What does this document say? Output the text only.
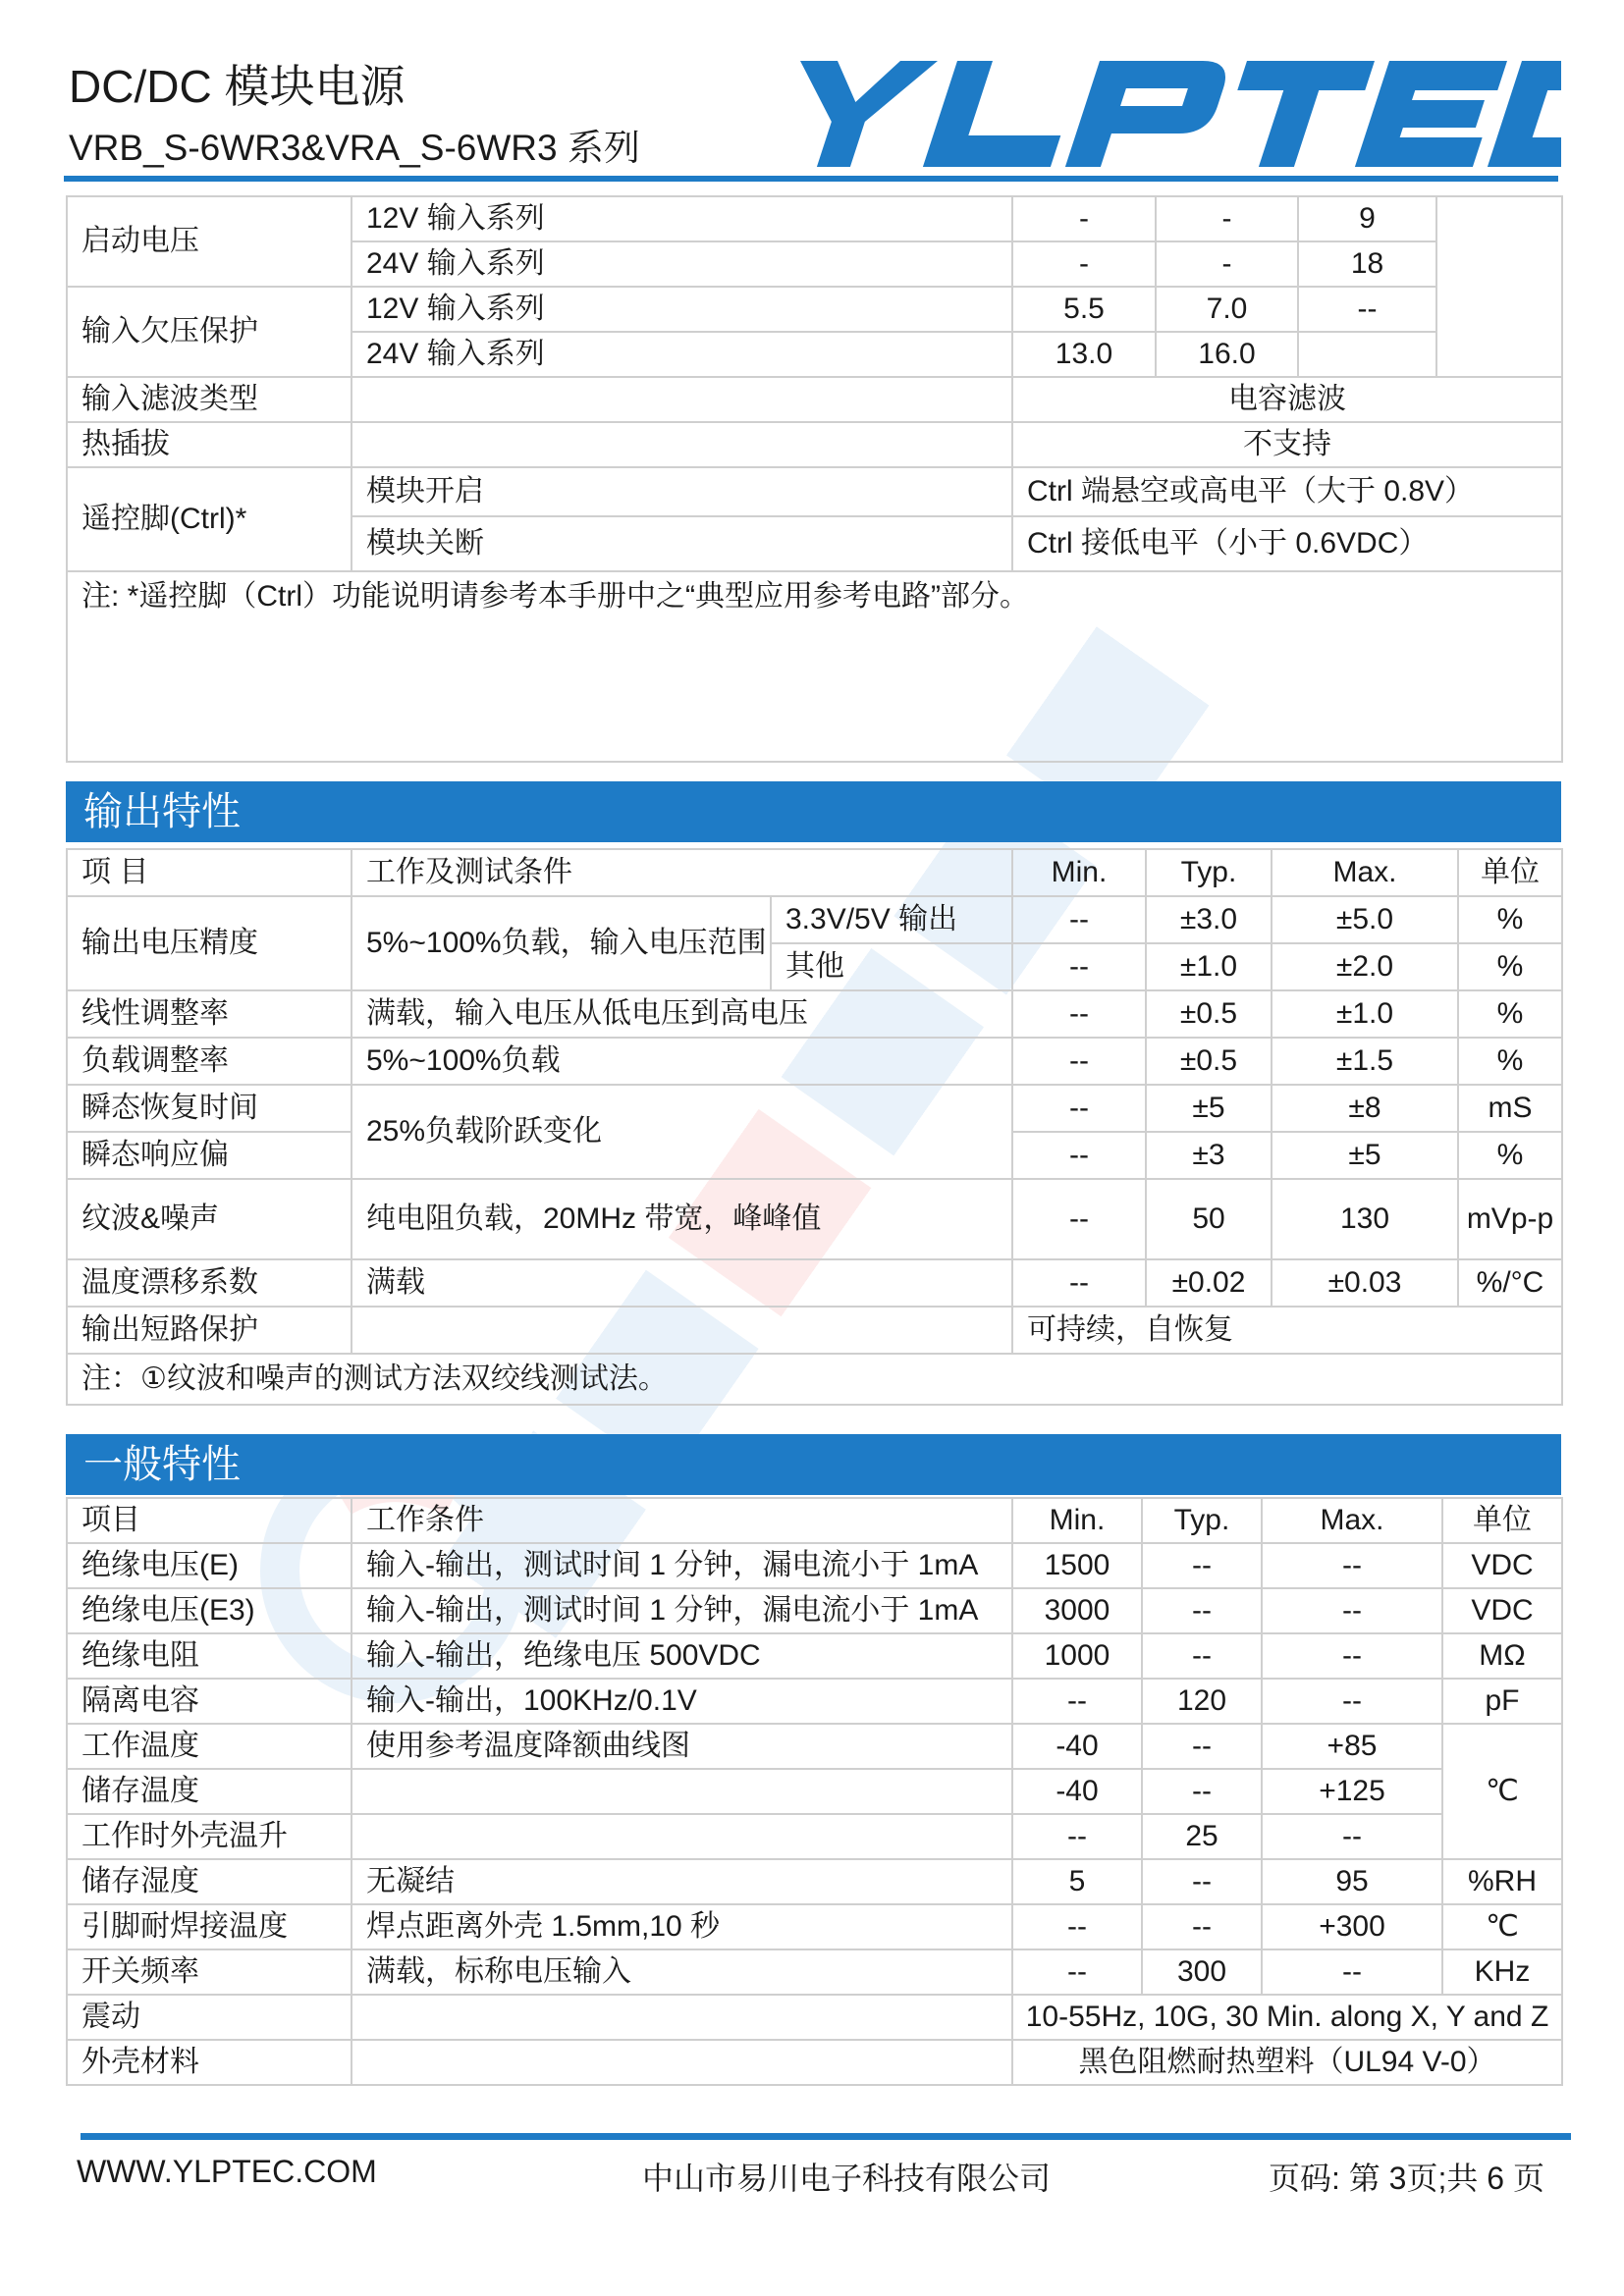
DC/DC 模块电源
VRB_S-6WR3&VRA_S-6WR3 系列
启动电压	12V 输入系列	-	-	9	
	24V 输入系列	-	-	18	
输入欠压保护	12V 输入系列	5.5	7.0	--	
	24V 输入系列	13.0	16.0		
输入滤波类型		电容滤波			
热插拔		不支持			
遥控脚(Ctrl)*	模块开启	Ctrl 端悬空或高电平（大于 0.8V）			
	模块关断	Ctrl 接低电平（小于 0.6VDC）			
注: *遥控脚（Ctrl）功能说明请参考本手册中之“典型应用参考电路”部分。					
输出特性
项 目	工作及测试条件		Min.	Typ.	Max.	单位
输出电压精度	5%~100%负载，输入电压范围	3.3V/5V 输出	--	±3.0	±5.0	%
		其他	--	±1.0	±2.0	%
线性调整率	满载，输入电压从低电压到高电压		--	±0.5	±1.0	%
负载调整率	5%~100%负载		--	±0.5	±1.5	%
瞬态恢复时间	25%负载阶跃变化		--	±5	±8	mS
瞬态响应偏			--	±3	±5	%
纹波&噪声	纯电阻负载，20MHz 带宽，峰峰值		--	50	130	mVp-p
温度漂移系数	满载		--	±0.02	±0.03	%/°C
输出短路保护			可持续，自恢复			
注：①纹波和噪声的测试方法双绞线测试法。						
一般特性
项目	工作条件	Min.	Typ.	Max.	单位
绝缘电压(E)	输入-输出，测试时间 1 分钟，漏电流小于 1mA	1500	--	--	VDC
绝缘电压(E3)	输入-输出，测试时间 1 分钟，漏电流小于 1mA	3000	--	--	VDC
绝缘电阻	输入-输出，绝缘电压 500VDC	1000	--	--	MΩ
隔离电容	输入-输出，100KHz/0.1V	--	120	--	pF
工作温度	使用参考温度降额曲线图	-40	--	+85	℃
储存温度		-40	--	+125	
工作时外壳温升		--	25	--	
储存湿度	无凝结	5	--	95	%RH
引脚耐焊接温度	焊点距离外壳 1.5mm,10 秒	--	--	+300	℃
开关频率	满载，标称电压输入	--	300	--	KHz
震动		10-55Hz, 10G, 30 Min. along X, Y and Z			
外壳材料		黑色阻燃耐热塑料（UL94 V-0）			
WWW.YLPTEC.COM	中山市易川电子科技有限公司	页码: 第 3页;共 6 页
